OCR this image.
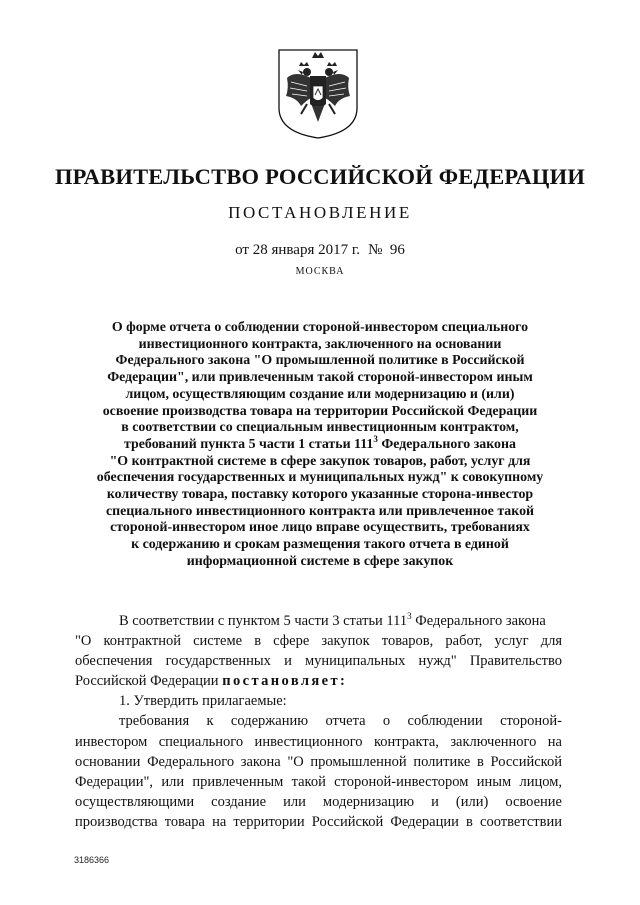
ПРАВИТЕЛЬСТВО РОССИЙСКОЙ ФЕДЕРАЦИИ
ПОСТАНОВЛЕНИЕ
от 28 января 2017 г. № 96
МОСКВА
О форме отчета о соблюдении стороной-инвестором специального
инвестиционного контракта, заключенного на основании
Федерального закона "О промышленной политике в Российской
Федерации", или привлеченным такой стороной-инвестором иным
лицом, осуществляющим создание или модернизацию и (или)
освоение производства товара на территории Российской Федерации
в соответствии со специальным инвестиционным контрактом,
требований пункта 5 части 1 статьи $111^3$ Федерального закона
"О контрактной системе в сфере закупок товаров, работ, услуг для
обеспечения государственных и муниципальных нужд" к совокупному
количеству товара, поставку которого указанные сторона-инвестор
специального инвестиционного контракта или привлеченное такой
стороной-инвестором иное лицо вправе осуществить, требованиях
к содержанию и срокам размещения такого отчета в единой
информационной системе в сфере закупок
В соответствии с пунктом 5 части 3 статьи $111^3$ Федерального закона
"О контрактной системе в сфере закупок товаров, работ, услуг для
обеспечения государственных и муниципальных нужд" Правительство
Российской Федерации постановляет:
1. Утвердить прилагаемые:
требования к содержанию отчета о соблюдении стороной-
инвестором специального инвестиционного контракта, заключенного на
основании Федерального закона "О промышленной политике в Российской
Федерации", или привлеченным такой стороной-инвестором иным лицом,
осуществляющими создание или модернизацию и (или) освоение
производства товара на территории Российской Федерации в соответствии
3186366
